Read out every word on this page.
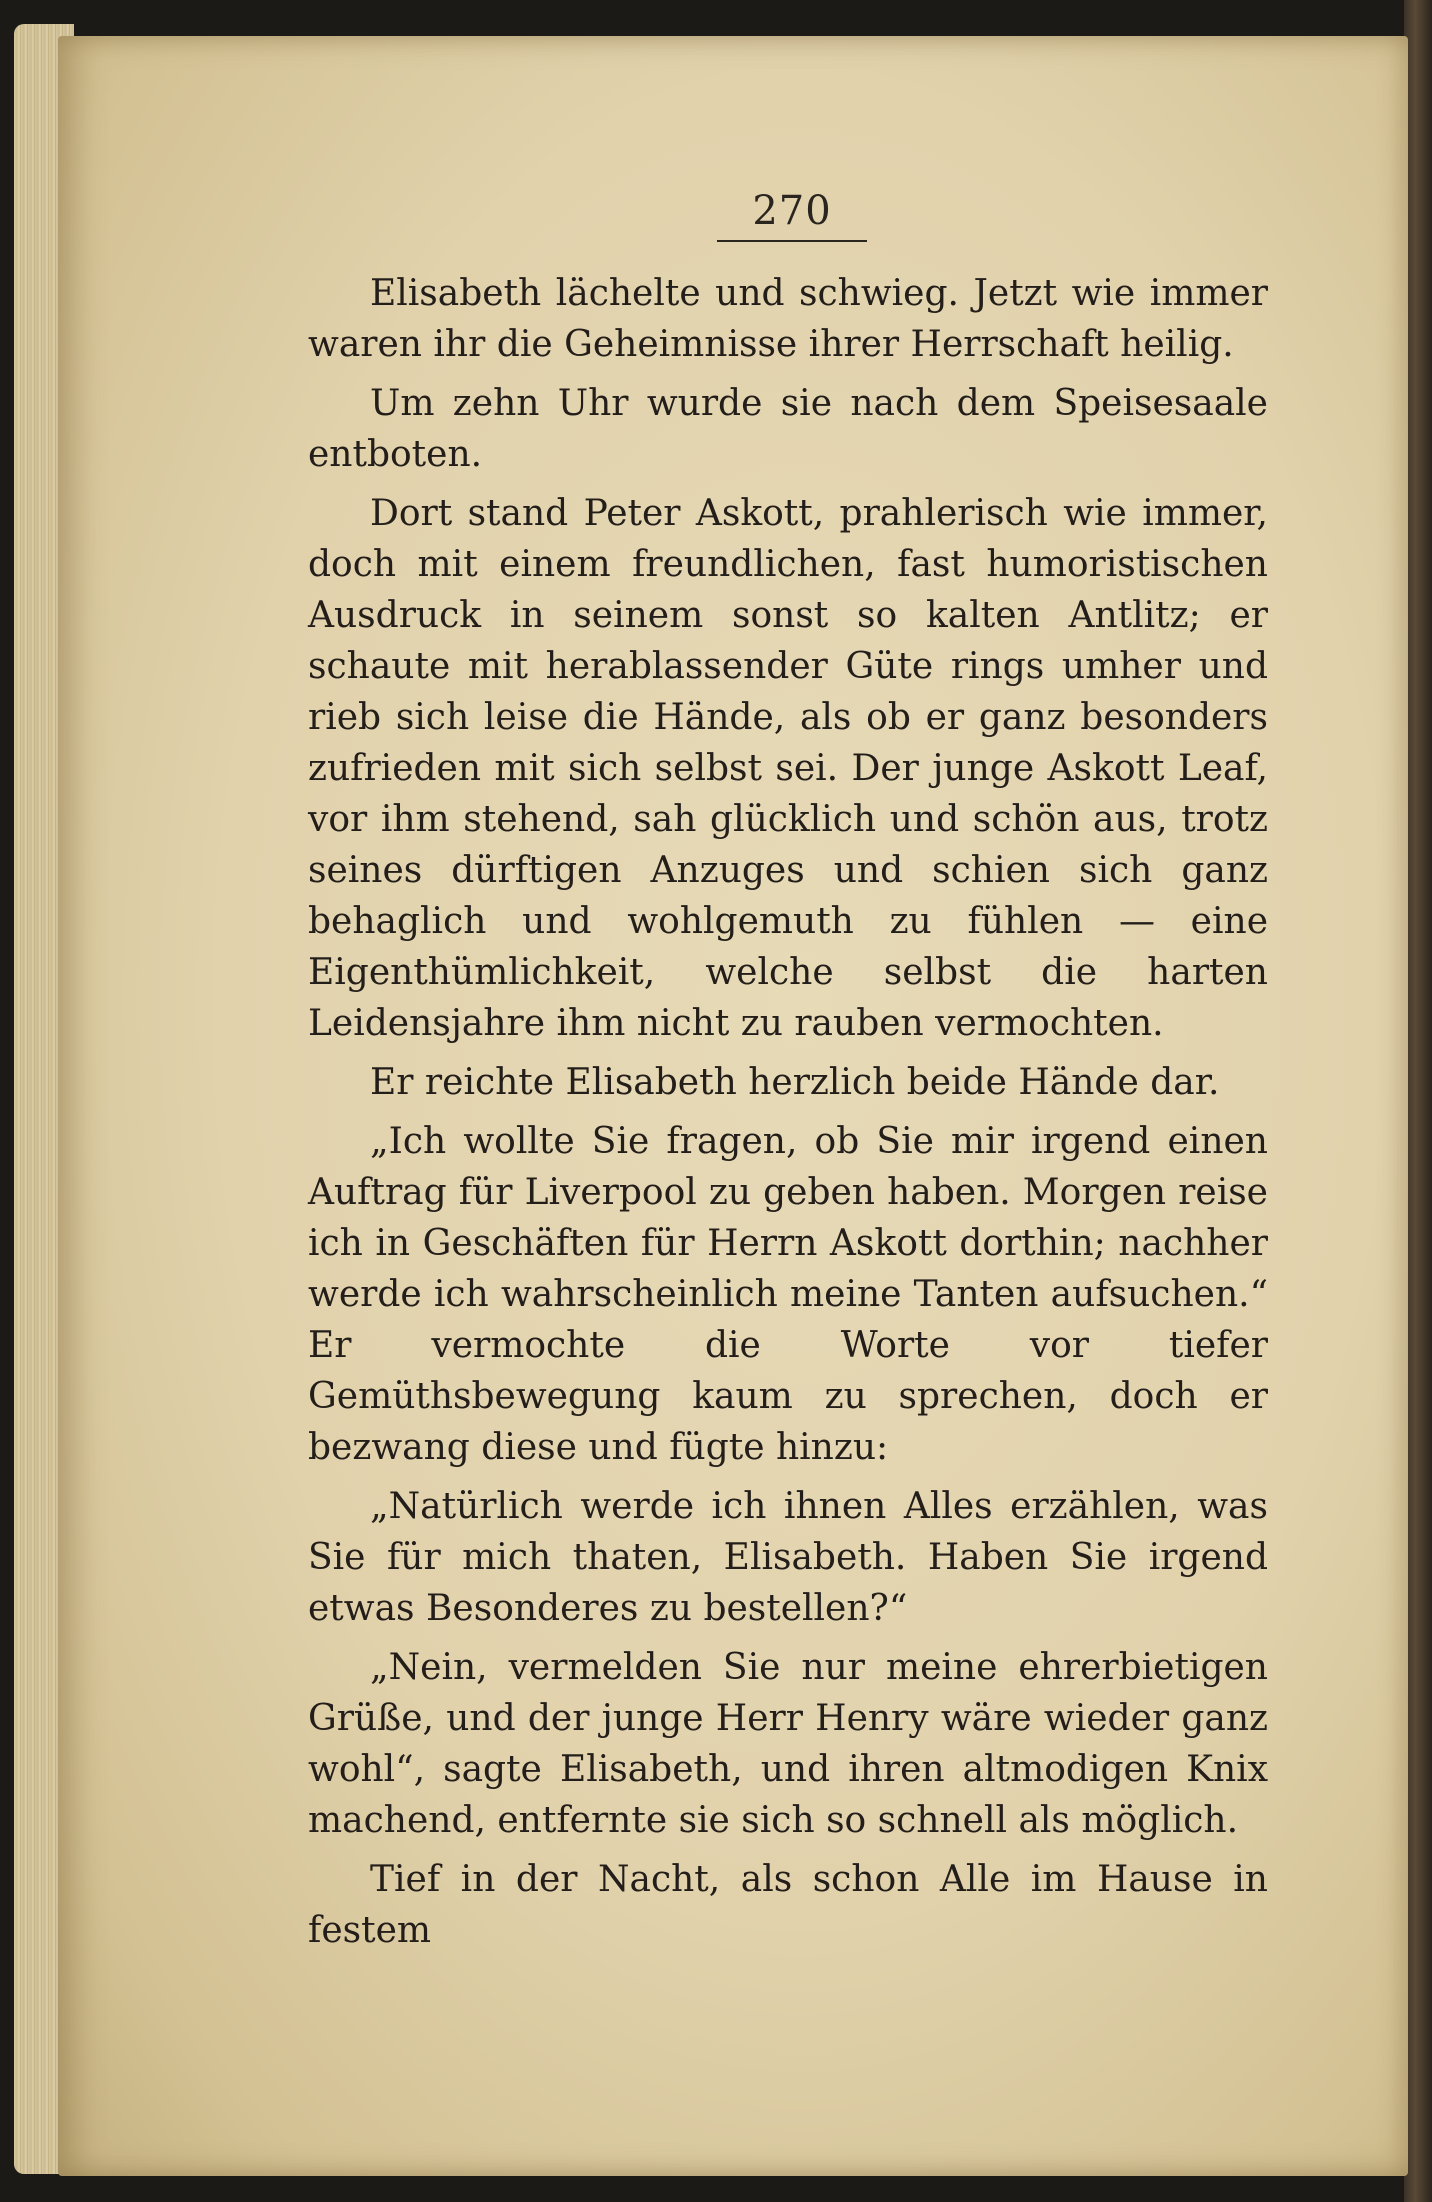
270

Elisabeth lächelte und schwieg. Jetzt wie immer waren ihr die Geheimnisse ihrer Herrschaft heilig.

Um zehn Uhr wurde sie nach dem Speisesaale entboten.

Dort stand Peter Askott, prahlerisch wie immer, doch mit einem freundlichen, fast humoristischen Ausdruck in seinem sonst so kalten Antlitz; er schaute mit herablassender Güte rings umher und rieb sich leise die Hände, als ob er ganz besonders zufrieden mit sich selbst sei. Der junge Askott Leaf, vor ihm stehend, sah glücklich und schön aus, trotz seines dürftigen Anzuges und schien sich ganz behaglich und wohlgemuth zu fühlen — eine Eigenthümlichkeit, welche selbst die harten Leidensjahre ihm nicht zu rauben vermochten.

Er reichte Elisabeth herzlich beide Hände dar.

„Ich wollte Sie fragen, ob Sie mir irgend einen Auftrag für Liverpool zu geben haben. Morgen reise ich in Geschäften für Herrn Askott dorthin; nachher werde ich wahrscheinlich meine Tanten aufsuchen.“ Er vermochte die Worte vor tiefer Gemüthsbewegung kaum zu sprechen, doch er bezwang diese und fügte hinzu:

„Natürlich werde ich ihnen Alles erzählen, was Sie für mich thaten, Elisabeth. Haben Sie irgend etwas Besonderes zu bestellen?“

„Nein, vermelden Sie nur meine ehrerbietigen Grüße, und der junge Herr Henry wäre wieder ganz wohl“, sagte Elisabeth, und ihren altmodigen Knix machend, entfernte sie sich so schnell als möglich.

Tief in der Nacht, als schon Alle im Hause in festem
